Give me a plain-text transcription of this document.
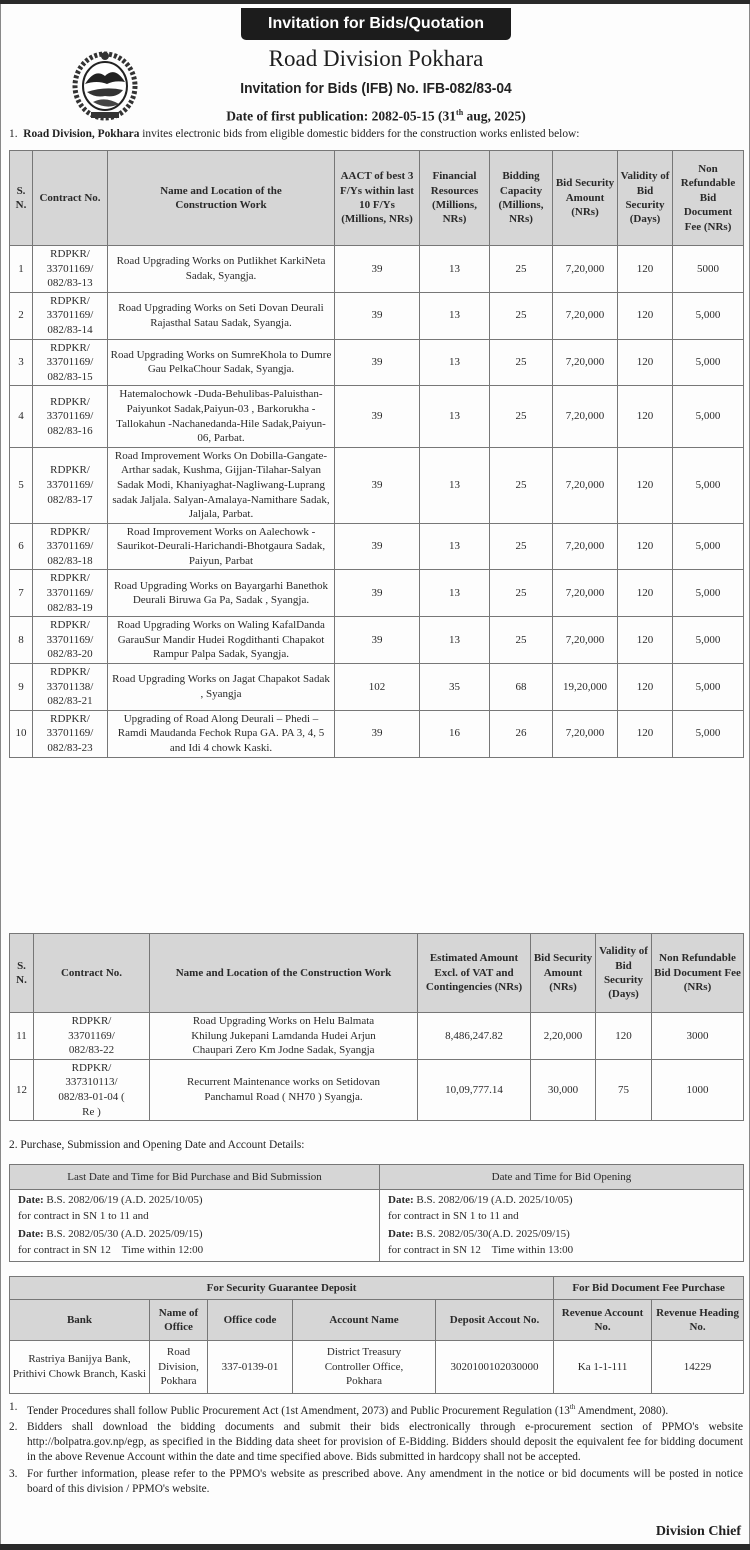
Invitation for Bids/Quotation
Road Division Pokhara
Invitation for Bids (IFB) No. IFB-082/83-04
Date of first publication: 2082-05-15 (31th aug, 2025)
1. Road Division, Pokhara invites electronic bids from eligible domestic bidders for the construction works enlisted below:
S. N.	Contract No.	Name and Location of the Construction Work	AACT of best 3 F/Ys within last 10 F/Ys (Millions, NRs)	Financial Resources (Millions, NRs)	Bidding Capacity (Millions, NRs)	Bid Security Amount (NRs)	Validity of Bid Security (Days)	Non Refundable Bid Document Fee (NRs)
1	RDPKR/ 33701169/ 082/83-13	Road Upgrading Works on Putlikhet KarkiNeta Sadak, Syangja.	39	13	25	7,20,000	120	5000
2	RDPKR/ 33701169/ 082/83-14	Road Upgrading Works on Seti Dovan Deurali Rajasthal Satau Sadak, Syangja.	39	13	25	7,20,000	120	5,000
3	RDPKR/ 33701169/ 082/83-15	Road Upgrading Works on SumreKhola to Dumre Gau PelkaChour Sadak, Syangja.	39	13	25	7,20,000	120	5,000
4	RDPKR/ 33701169/ 082/83-16	Hatemalochowk -Duda-Behulibas-Paluisthan-Paiyunkot Sadak,Paiyun-03 , Barkorukha -Tallokahun -Nachanedanda-Hile Sadak,Paiyun-06, Parbat.	39	13	25	7,20,000	120	5,000
5	RDPKR/ 33701169/ 082/83-17	Road Improvement Works On Dobilla-Gangate-Arthar sadak, Kushma, Gijjan-Tilahar-Salyan Sadak Modi, Khaniyaghat-Nagliwang-Luprang sadak Jaljala. Salyan-Amalaya-Namithare Sadak, Jaljala, Parbat.	39	13	25	7,20,000	120	5,000
6	RDPKR/ 33701169/ 082/83-18	Road Improvement Works on Aalechowk -Saurikot-Deurali-Harichandi-Bhotgaura Sadak, Paiyun, Parbat	39	13	25	7,20,000	120	5,000
7	RDPKR/ 33701169/ 082/83-19	Road Upgrading Works on Bayargarhi Banethok Deurali Biruwa Ga Pa, Sadak , Syangja.	39	13	25	7,20,000	120	5,000
8	RDPKR/ 33701169/ 082/83-20	Road Upgrading Works on Waling KafalDanda GarauSur Mandir Hudei Rogdithanti Chapakot Rampur Palpa Sadak, Syangja.	39	13	25	7,20,000	120	5,000
9	RDPKR/ 33701138/ 082/83-21	Road Upgrading Works on Jagat Chapakot Sadak , Syangja	102	35	68	19,20,000	120	5,000
10	RDPKR/ 33701169/ 082/83-23	Upgrading of Road Along Deurali – Phedi – Ramdi Maudanda Fechok Rupa GA. PA 3, 4, 5 and Idi 4 chowk Kaski.	39	16	26	7,20,000	120	5,000
S. N.	Contract No.	Name and Location of the Construction Work	Estimated Amount Excl. of VAT and Contingencies (NRs)	Bid Security Amount (NRs)	Validity of Bid Security (Days)	Non Refundable Bid Document Fee (NRs)
11	RDPKR/ 33701169/ 082/83-22	Road Upgrading Works on Helu Balmata Khilung Jukepani Lamdanda Hudei Arjun Chaupari Zero Km Jodne Sadak, Syangja	8,486,247.82	2,20,000	120	3000
12	RDPKR/ 337310113/ 082/83-01-04 ( Re )	Recurrent Maintenance works on Setidovan Panchamul Road ( NH70 ) Syangja.	10,09,777.14	30,000	75	1000
2. Purchase, Submission and Opening Date and Account Details:
Last Date and Time for Bid Purchase and Bid Submission	Date and Time for Bid Opening

Date: B.S. 2082/06/19 (A.D. 2025/10/05)
for contract in SN 1 to 11 and
Date: B.S. 2082/05/30 (A.D. 2025/09/15)
for contract in SN 12    Time within 12:00

Date: B.S. 2082/06/19 (A.D. 2025/10/05)
for contract in SN 1 to 11 and
Date: B.S. 2082/05/30(A.D. 2025/09/15)
for contract in SN 12    Time within 13:00
For Security Guarantee Deposit					For Bid Document Fee Purchase	
Bank	Name of Office	Office code	Account Name	Deposit Accout No.	Revenue Account No.	Revenue Heading No.
Rastriya Banijya Bank, Prithivi Chowk Branch, Kaski	Road Division, Pokhara	337-0139-01	District Treasury Controller Office, Pokhara	3020100102030000	Ka 1-1-111	14229
1. Tender Procedures shall follow Public Procurement Act (1st Amendment, 2073) and Public Procurement Regulation (13th Amendment, 2080).
2. Bidders shall download the bidding documents and submit their bids electronically through e-procurement section of PPMO's website http://bolpatra.gov.np/egp, as specified in the Bidding data sheet for provision of E-Bidding. Bidders should deposit the equivalent fee for bidding document in the above Revenue Account within the date and time specified above. Bids submitted in hardcopy shall not be accepted.
3. For further information, please refer to the PPMO's website as prescribed above. Any amendment in the notice or bid documents will be posted in notice board of this division / PPMO's website.
Division Chief
